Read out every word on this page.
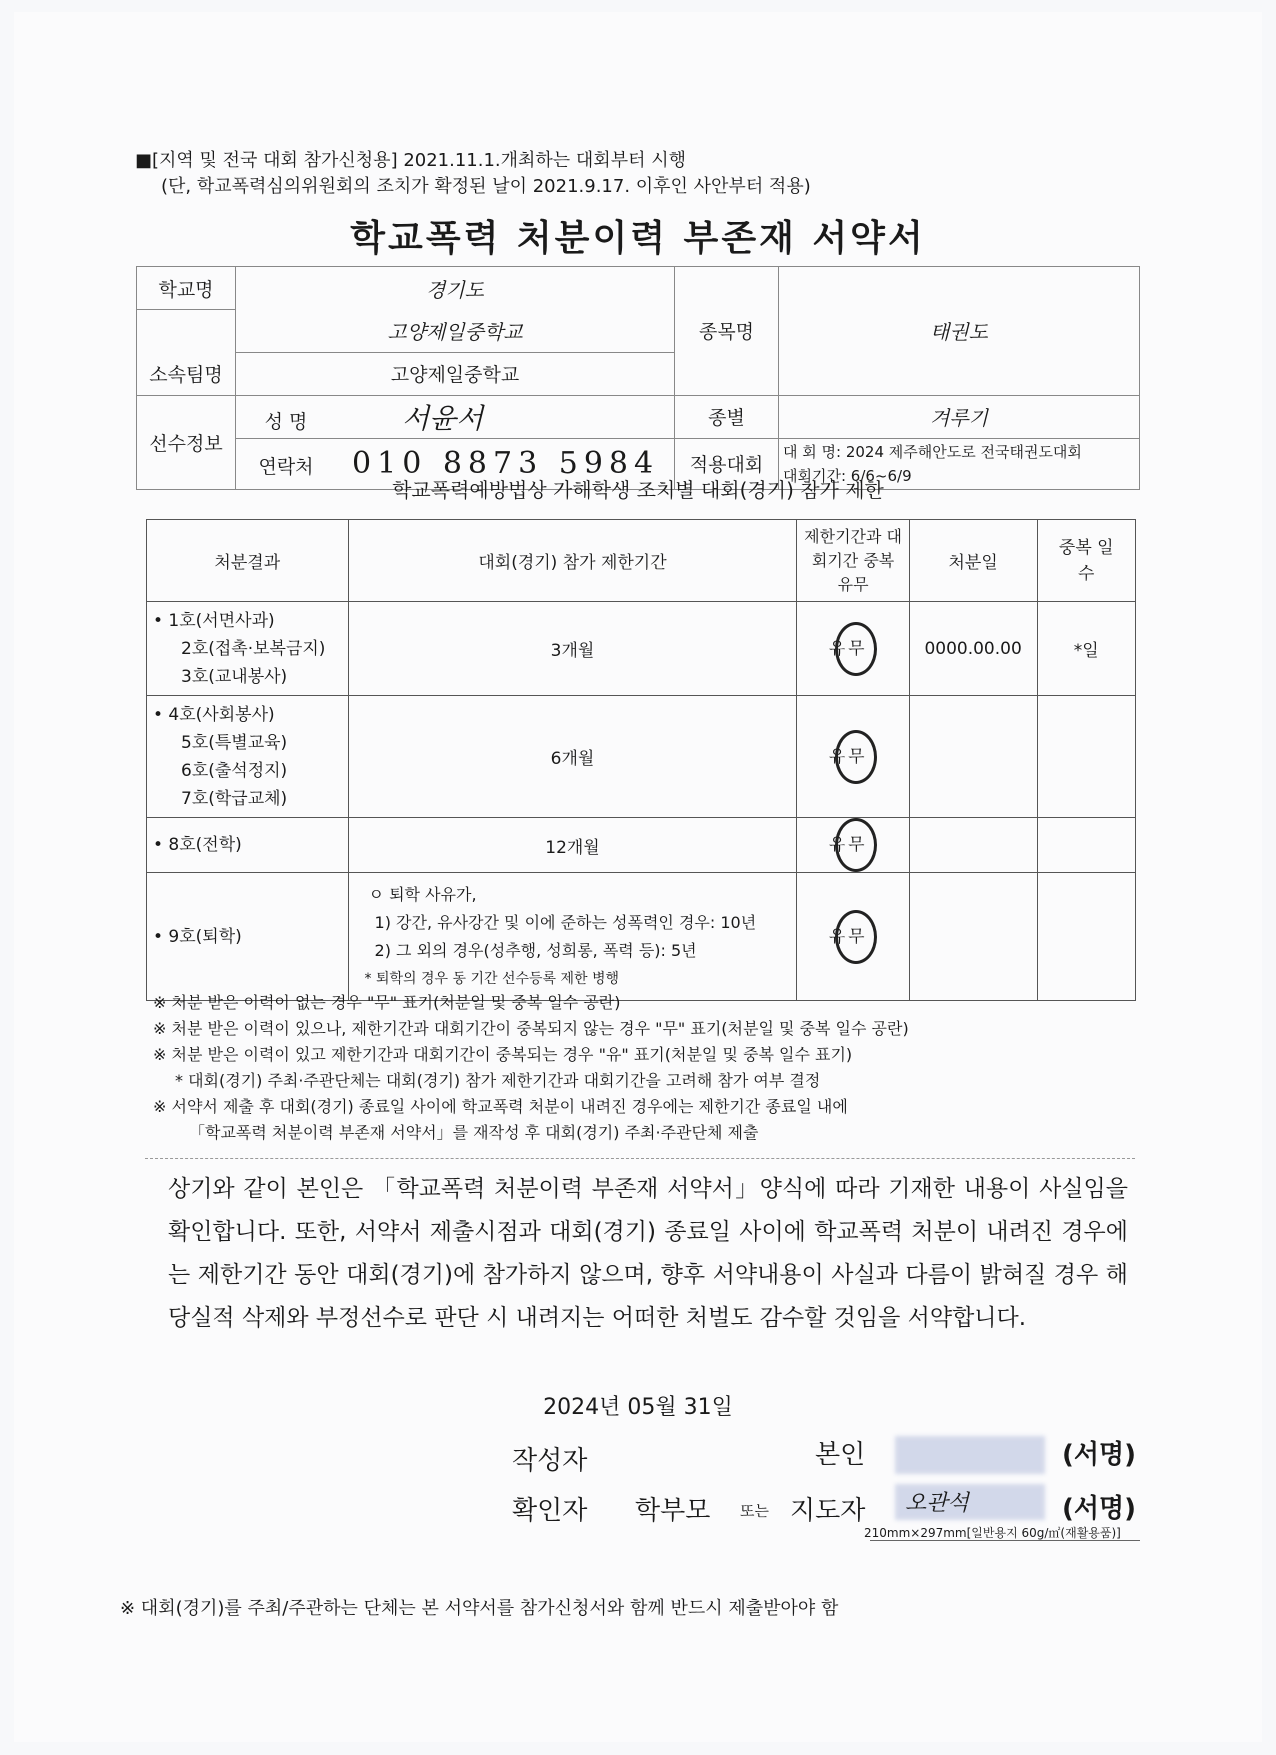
■[지역 및 전국 대회 참가신청용] 2021.11.1.개최하는 대회부터 시행
(단, 학교폭력심의위원회의 조치가 확정된 날이 2021.9.17. 이후인 사안부터 적용)
학교폭력 처분이력 부존재 서약서
학교명	경기도	종목명	태권도
	고양제일중학교		
소속팀명	고양제일중학교		
선수정보	성 명 서윤서	종별	겨루기
	연락처 010 8873 5984	적용대회	대 회 명: 2024 제주해안도로 전국태권도대회
대회기간: 6/6~6/9
학교폭력예방법상 가해학생 조치별 대회(경기) 참가 제한
처분결과	대회(경기) 참가 제한기간	제한기간과 대회기간 중복 유무	처분일	중복 일수

• 1호(서면사과)
2호(접촉·보복금지)
3호(교내봉사)	3개월	유 무	0000.00.00	*일

• 4호(사회봉사)
5호(특별교육)
6호(출석정지)
7호(학급교체)	6개월	유 무		

• 8호(전학)	12개월	유 무		

• 9호(퇴학)	ㅇ 퇴학 사유가,
1) 강간, 유사강간 및 이에 준하는 성폭력인 경우: 10년
2) 그 외의 경우(성추행, 성희롱, 폭력 등): 5년
* 퇴학의 경우 동 기간 선수등록 제한 병행	유 무		
※ 처분 받은 이력이 없는 경우 "무" 표기(처분일 및 중복 일수 공란)
※ 처분 받은 이력이 있으나, 제한기간과 대회기간이 중복되지 않는 경우 "무" 표기(처분일 및 중복 일수 공란)
※ 처분 받은 이력이 있고 제한기간과 대회기간이 중복되는 경우 "유" 표기(처분일 및 중복 일수 표기)
* 대회(경기) 주최·주관단체는 대회(경기) 참가 제한기간과 대회기간을 고려해 참가 여부 결정
※ 서약서 제출 후 대회(경기) 종료일 사이에 학교폭력 처분이 내려진 경우에는 제한기간 종료일 내에
「학교폭력 처분이력 부존재 서약서」를 재작성 후 대회(경기) 주최·주관단체 제출
상기와 같이 본인은 「학교폭력 처분이력 부존재 서약서」양식에 따라 기재한 내용이 사실임을 확인합니다. 또한, 서약서 제출시점과 대회(경기) 종료일 사이에 학교폭력 처분이 내려진 경우에는 제한기간 동안 대회(경기)에 참가하지 않으며, 향후 서약내용이 사실과 다름이 밝혀질 경우 해당실적 삭제와 부정선수로 판단 시 내려지는 어떠한 처벌도 감수할 것임을 서약합니다.
2024년 05월 31일
작성자	본인	(서명)
확인자 학부모 또는 지도자 오관석	(서명)
210mm×297mm[일반용지 60g/㎡(재활용품)]
※ 대회(경기)를 주최/주관하는 단체는 본 서약서를 참가신청서와 함께 반드시 제출받아야 함
